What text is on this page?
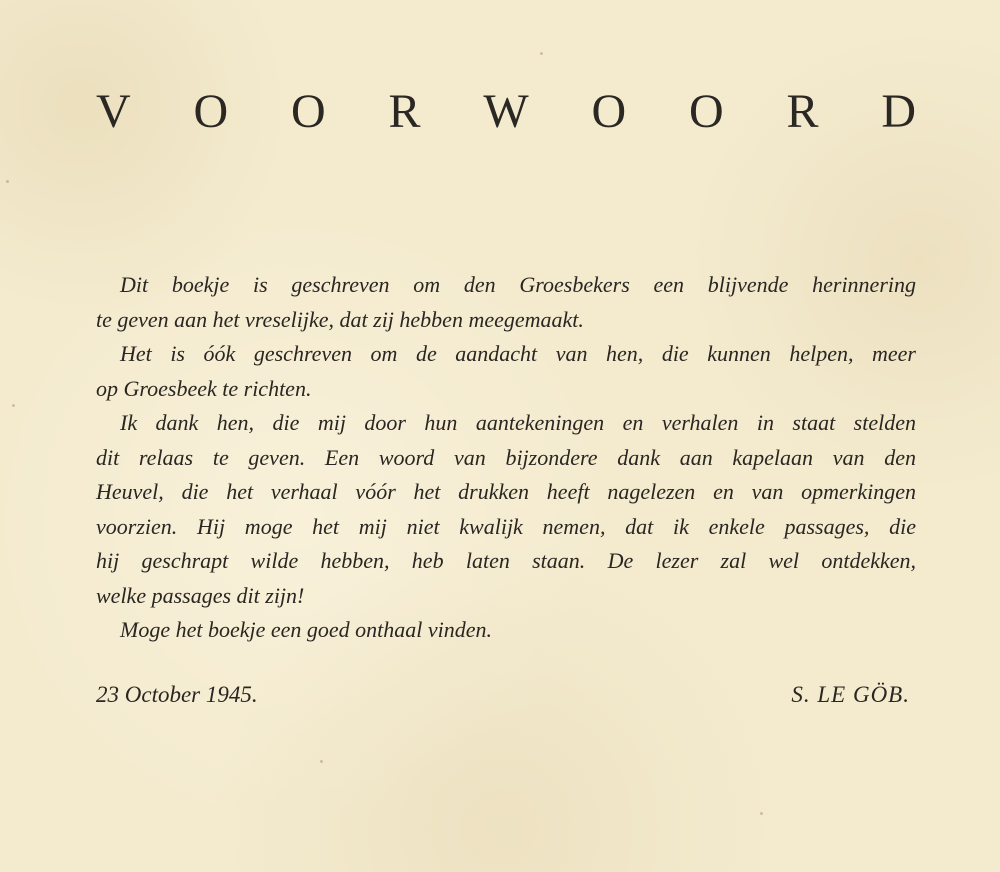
V O O R W O O R D

Dit boekje is geschreven om den Groesbekers een blijvende herinnering
te geven aan het vreselijke, dat zij hebben meegemaakt.

Het is óók geschreven om de aandacht van hen, die kunnen helpen, meer
op Groesbeek te richten.

Ik dank hen, die mij door hun aantekeningen en verhalen in staat stelden
dit relaas te geven. Een woord van bijzondere dank aan kapelaan van den
Heuvel, die het verhaal vóór het drukken heeft nagelezen en van opmerkingen
voorzien. Hij moge het mij niet kwalijk nemen, dat ik enkele passages, die
hij geschrapt wilde hebben, heb laten staan. De lezer zal wel ontdekken,
welke passages dit zijn!

Moge het boekje een goed onthaal vinden.

23 October 1945.	S. LE GÖB.
